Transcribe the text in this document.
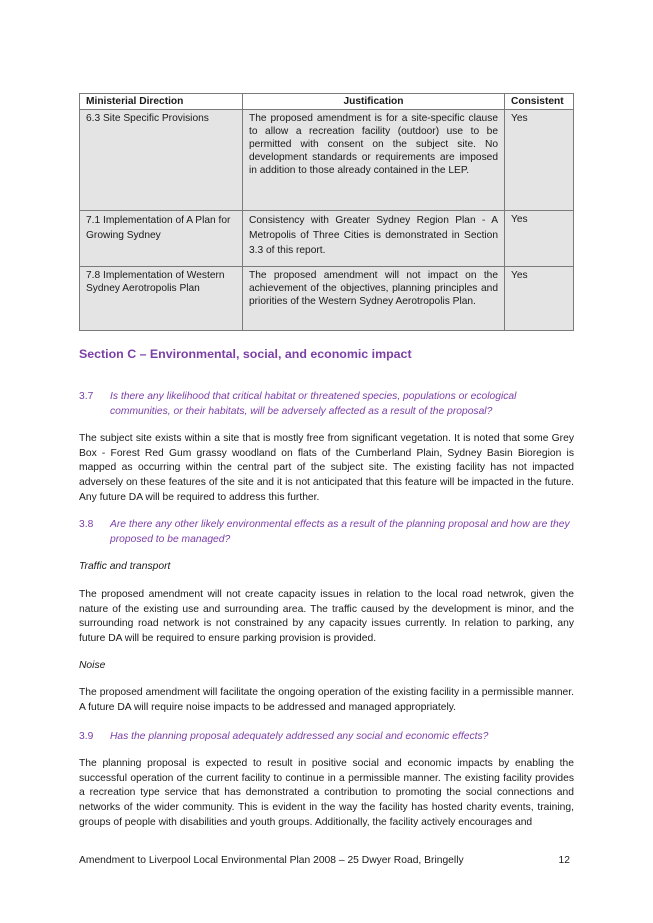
Ministerial Direction	Justification	Consistent
6.3 Site Specific Provisions	The proposed amendment is for a site-specific clause to allow a recreation facility (outdoor) use to be permitted with consent on the subject site. No development standards or requirements are imposed in addition to those already contained in the LEP.	Yes
7.1 Implementation of A Plan for Growing Sydney	Consistency with Greater Sydney Region Plan - A Metropolis of Three Cities is demonstrated in Section 3.3 of this report.	Yes
7.8 Implementation of Western Sydney Aerotropolis Plan	The proposed amendment will not impact on the achievement of the objectives, planning principles and priorities of the Western Sydney Aerotropolis Plan.	Yes
Section C – Environmental, social, and economic impact
3.7 Is there any likelihood that critical habitat or threatened species, populations or ecological communities, or their habitats, will be adversely affected as a result of the proposal?
The subject site exists within a site that is mostly free from significant vegetation. It is noted that some Grey Box - Forest Red Gum grassy woodland on flats of the Cumberland Plain, Sydney Basin Bioregion is mapped as occurring within the central part of the subject site. The existing facility has not impacted adversely on these features of the site and it is not anticipated that this feature will be impacted in the future. Any future DA will be required to address this further.
3.8 Are there any other likely environmental effects as a result of the planning proposal and how are they proposed to be managed?
Traffic and transport
The proposed amendment will not create capacity issues in relation to the local road netwrok, given the nature of the existing use and surrounding area. The traffic caused by the development is minor, and the surrounding road network is not constrained by any capacity issues currently. In relation to parking, any future DA will be required to ensure parking provision is provided.
Noise
The proposed amendment will facilitate the ongoing operation of the existing facility in a permissible manner. A future DA will require noise impacts to be addressed and managed appropriately.
3.9 Has the planning proposal adequately addressed any social and economic effects?
The planning proposal is expected to result in positive social and economic impacts by enabling the successful operation of the current facility to continue in a permissible manner. The existing facility provides a recreation type service that has demonstrated a contribution to promoting the social connections and networks of the wider community. This is evident in the way the facility has hosted charity events, training, groups of people with disabilities and youth groups. Additionally, the facility actively encourages and
Amendment to Liverpool Local Environmental Plan 2008 – 25 Dwyer Road, Bringelly	12
